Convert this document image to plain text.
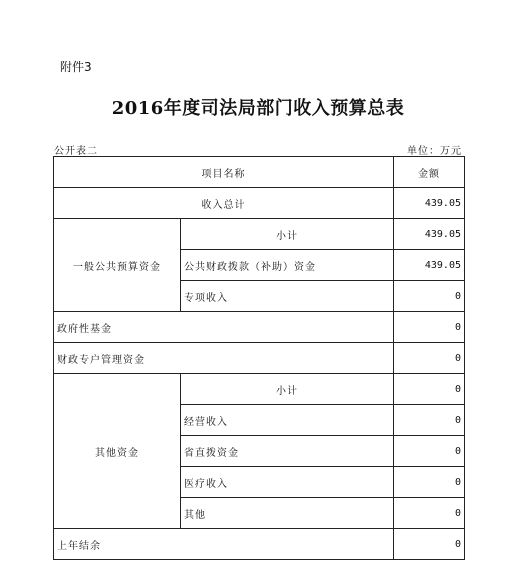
附件3
2016年度司法局部门收入预算总表
公开表二	单位：万元
项目名称		金额
收入总计		439.05
一般公共预算资金	小计	439.05
	公共财政拨款（补助）资金	439.05
	专项收入	0
政府性基金		0
财政专户管理资金		0
其他资金	小计	0
	经营收入	0
	省直拨资金	0
	医疗收入	0
	其他	0
上年结余		0
